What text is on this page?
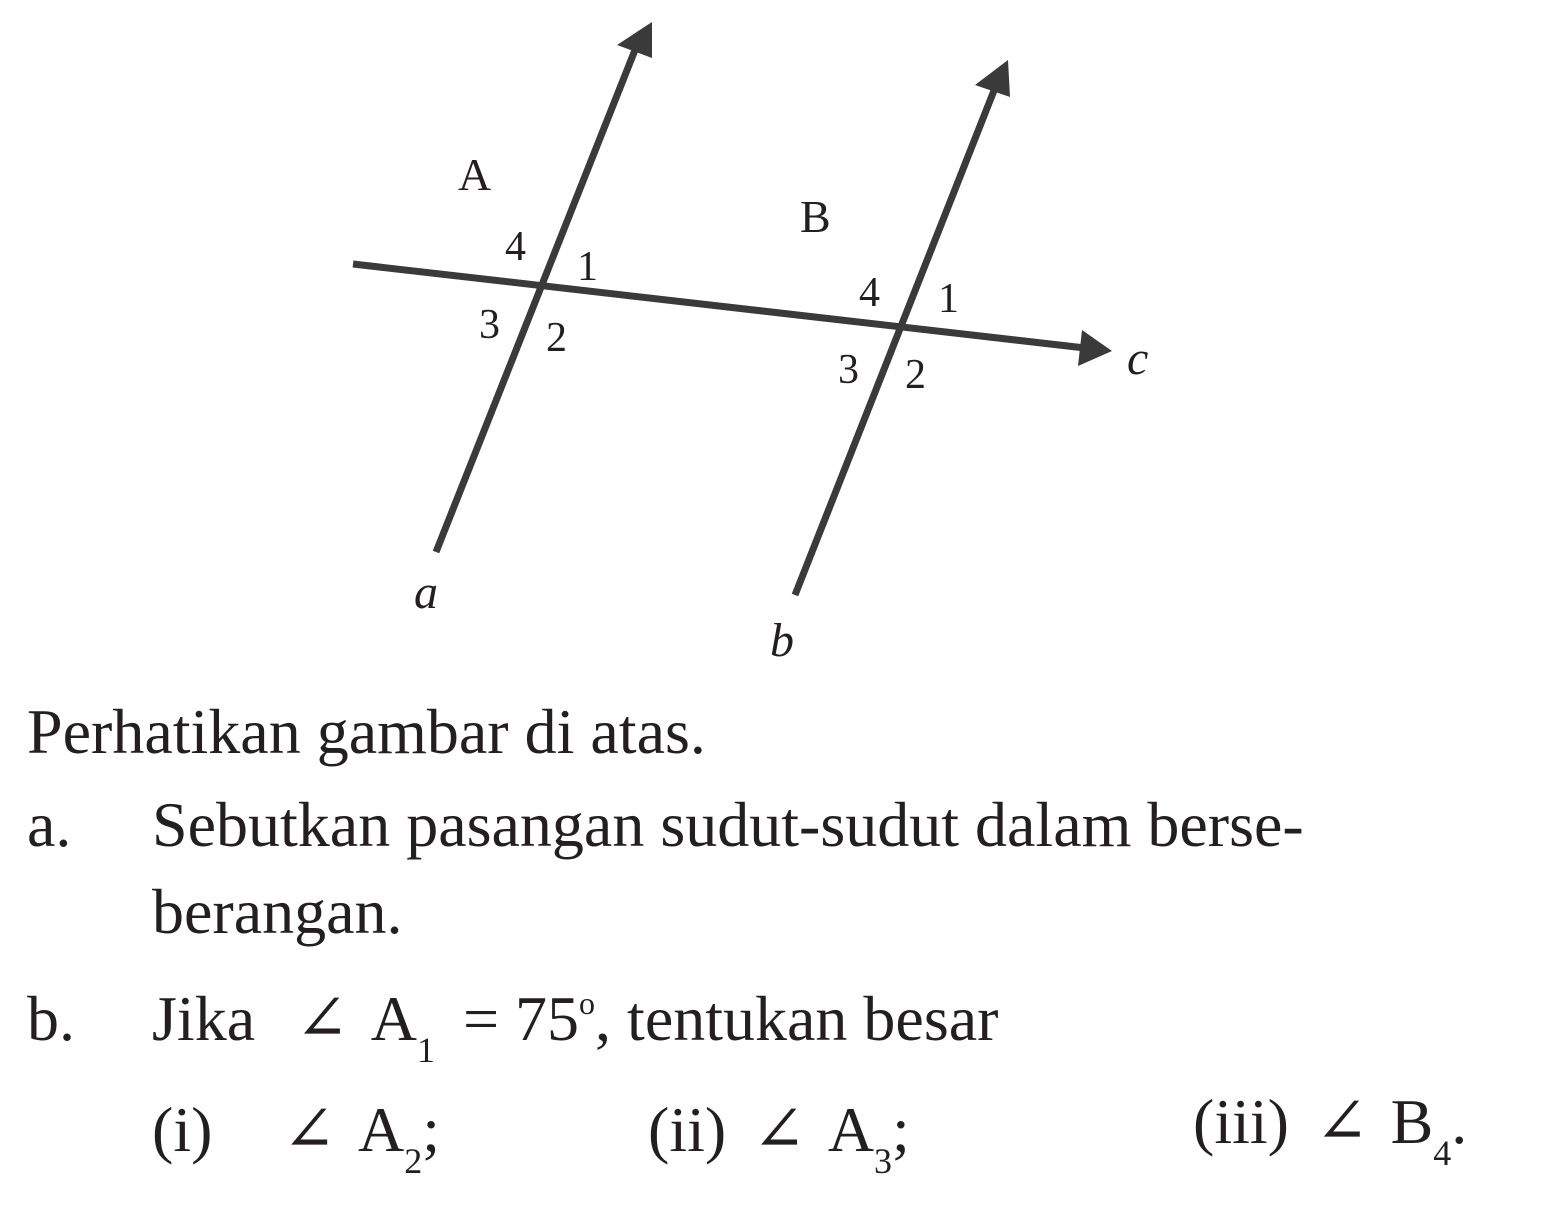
A
B
4 1
3 2
4 1
3 2
a
b
c
Perhatikan gambar di atas.
a. Sebutkan pasangan sudut-sudut dalam berse-
berangan.
b. Jika ∠ $A_1 = 75^o$, tentukan besar
(i) ∠ $A_2$;	(ii) ∠ $A_3$;	(iii) ∠ $B_4$.
